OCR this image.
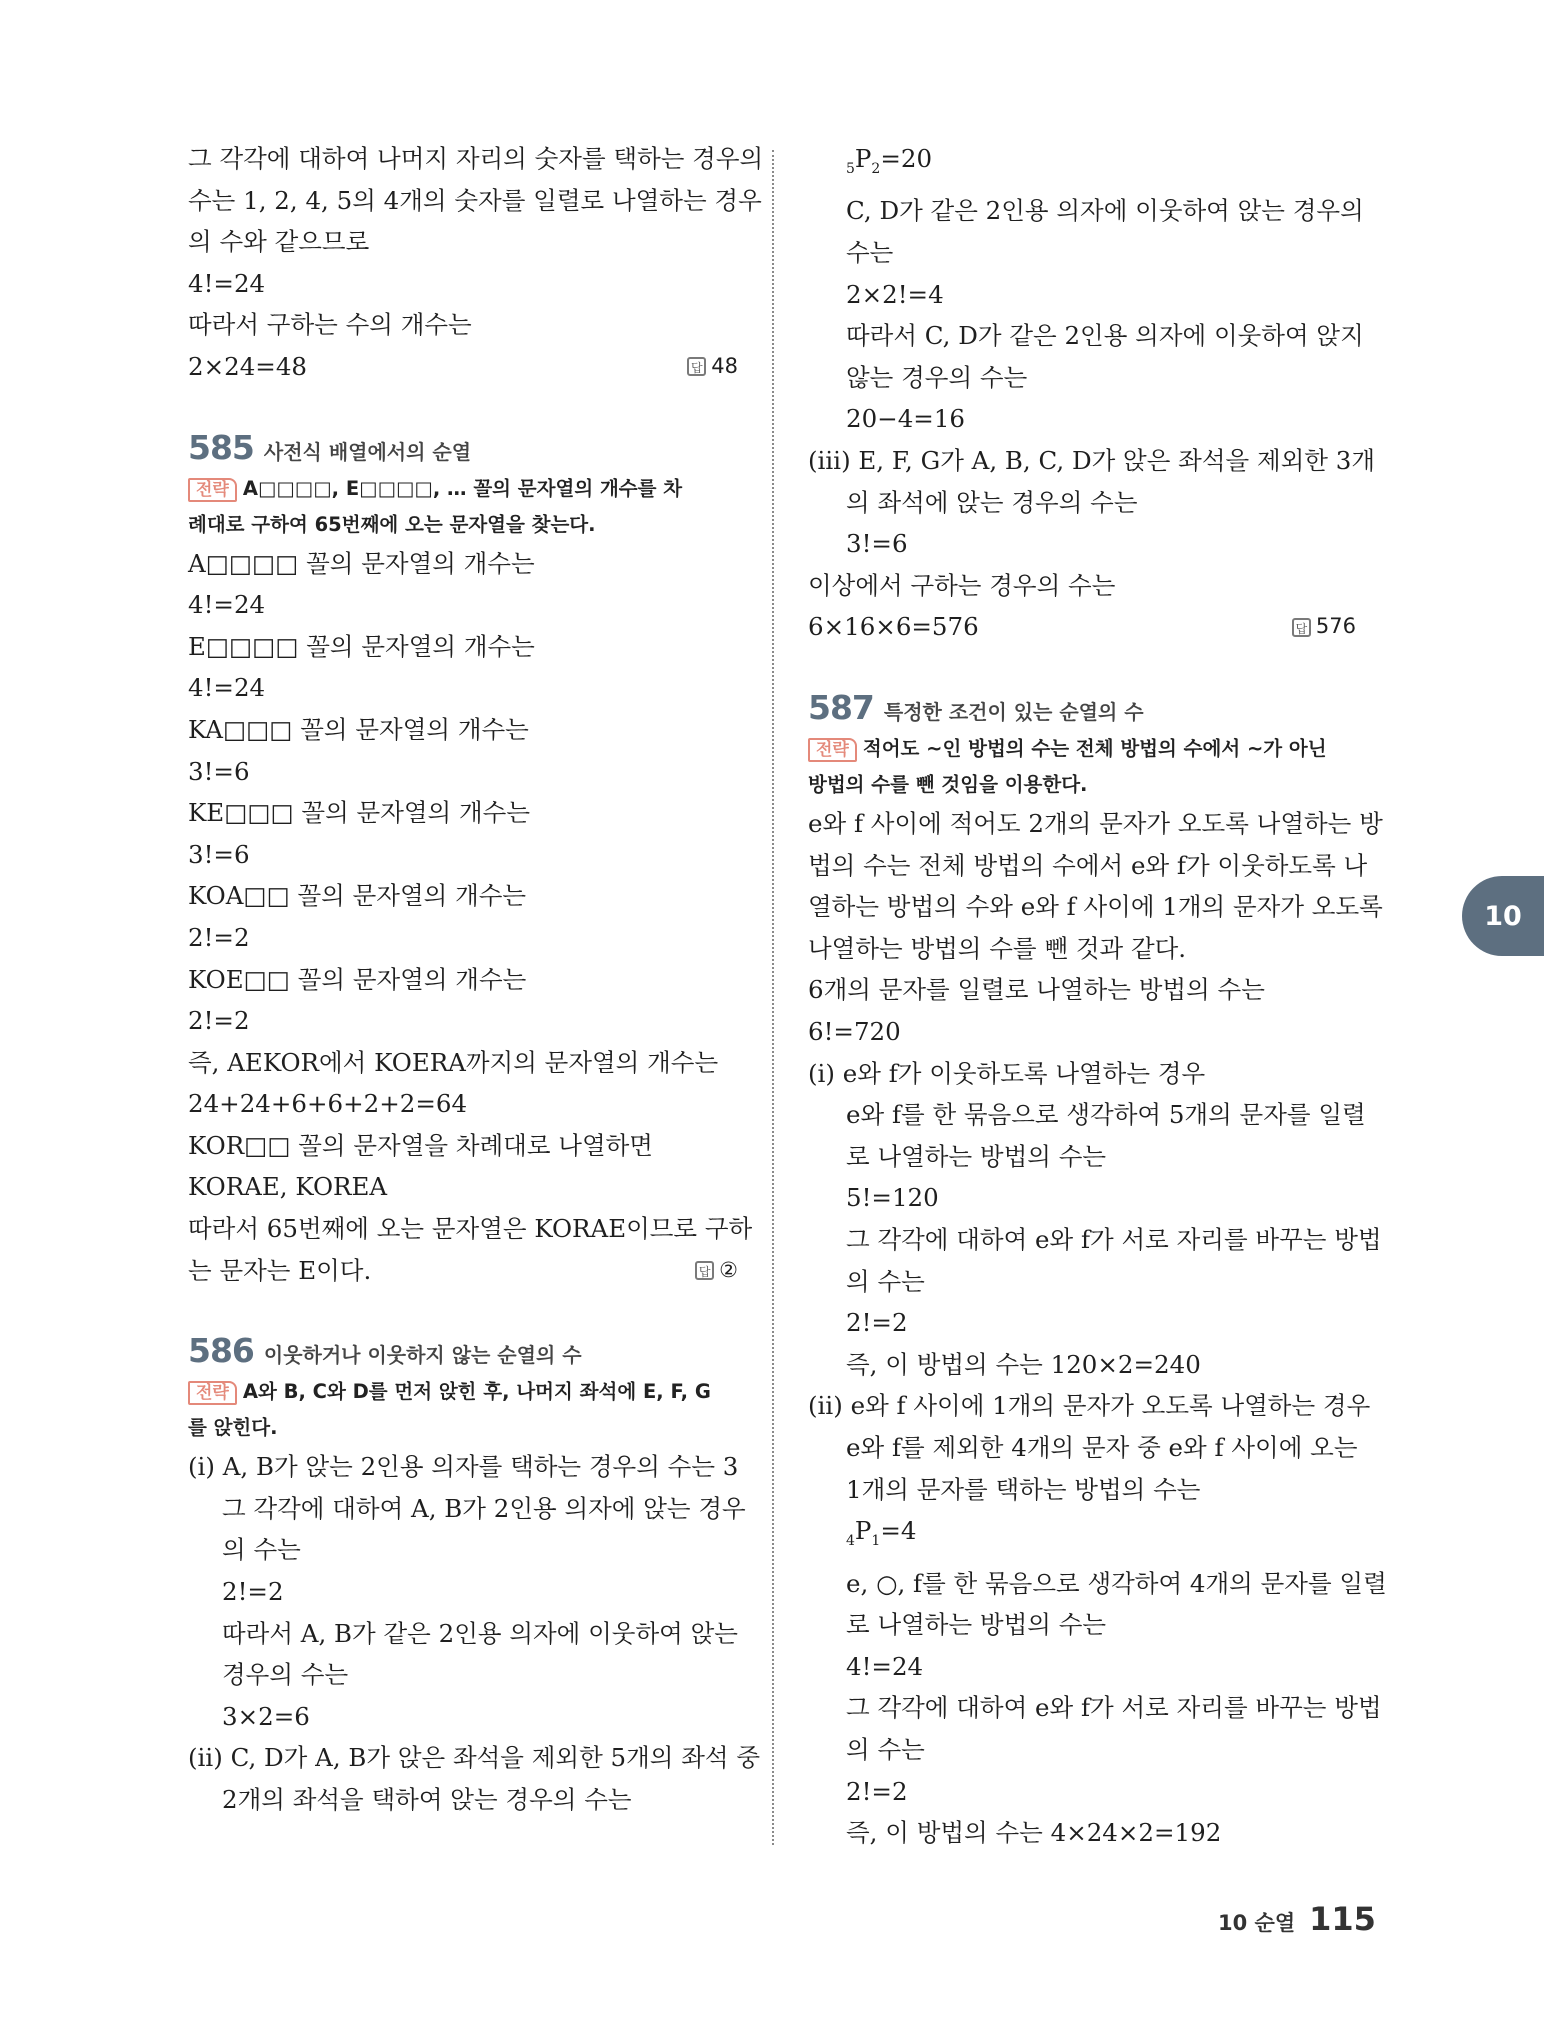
그 각각에 대하여 나머지 자리의 숫자를 택하는 경우의
수는 1, 2, 4, 5의 4개의 숫자를 일렬로 나열하는 경우
의 수와 같으므로
4!=24
따라서 구하는 수의 개수는
2×24=48	답 48
585 사전식 배열에서의 순열
전략 A□□□□, E□□□□, … 꼴의 문자열의 개수를 차
례대로 구하여 65번째에 오는 문자열을 찾는다.
A□□□□ 꼴의 문자열의 개수는
4!=24
E□□□□ 꼴의 문자열의 개수는
4!=24
KA□□□ 꼴의 문자열의 개수는
3!=6
KE□□□ 꼴의 문자열의 개수는
3!=6
KOA□□ 꼴의 문자열의 개수는
2!=2
KOE□□ 꼴의 문자열의 개수는
2!=2
즉, AEKOR에서 KOERA까지의 문자열의 개수는
24+24+6+6+2+2=64
KOR□□ 꼴의 문자열을 차례대로 나열하면
KORAE, KOREA
따라서 65번째에 오는 문자열은 KORAE이므로 구하
는 문자는 E이다.	답 ②
586 이웃하거나 이웃하지 않는 순열의 수
전략 A와 B, C와 D를 먼저 앉힌 후, 나머지 좌석에 E, F, G
를 앉힌다.
(ⅰ) A, B가 앉는 2인용 의자를 택하는 경우의 수는 3
그 각각에 대하여 A, B가 2인용 의자에 앉는 경우
의 수는
2!=2
따라서 A, B가 같은 2인용 의자에 이웃하여 앉는
경우의 수는
3×2=6
(ⅱ) C, D가 A, B가 앉은 좌석을 제외한 5개의 좌석 중
2개의 좌석을 택하여 앉는 경우의 수는
$_5P_2=20$
C, D가 같은 2인용 의자에 이웃하여 앉는 경우의
수는
2×2!=4
따라서 C, D가 같은 2인용 의자에 이웃하여 앉지
않는 경우의 수는
20−4=16
(ⅲ) E, F, G가 A, B, C, D가 앉은 좌석을 제외한 3개
의 좌석에 앉는 경우의 수는
3!=6
이상에서 구하는 경우의 수는
6×16×6=576	답 576
587 특정한 조건이 있는 순열의 수
전략 적어도 ~인 방법의 수는 전체 방법의 수에서 ~가 아닌
방법의 수를 뺀 것임을 이용한다.
e와 f 사이에 적어도 2개의 문자가 오도록 나열하는 방
법의 수는 전체 방법의 수에서 e와 f가 이웃하도록 나
열하는 방법의 수와 e와 f 사이에 1개의 문자가 오도록
나열하는 방법의 수를 뺀 것과 같다.
6개의 문자를 일렬로 나열하는 방법의 수는
6!=720
(ⅰ) e와 f가 이웃하도록 나열하는 경우
e와 f를 한 묶음으로 생각하여 5개의 문자를 일렬
로 나열하는 방법의 수는
5!=120
그 각각에 대하여 e와 f가 서로 자리를 바꾸는 방법
의 수는
2!=2
즉, 이 방법의 수는 120×2=240
(ⅱ) e와 f 사이에 1개의 문자가 오도록 나열하는 경우
e와 f를 제외한 4개의 문자 중 e와 f 사이에 오는
1개의 문자를 택하는 방법의 수는
$_4P_1=4$
e, ○, f를 한 묶음으로 생각하여 4개의 문자를 일렬
로 나열하는 방법의 수는
4!=24
그 각각에 대하여 e와 f가 서로 자리를 바꾸는 방법
의 수는
2!=2
즉, 이 방법의 수는 4×24×2=192
10
10 순열 115
